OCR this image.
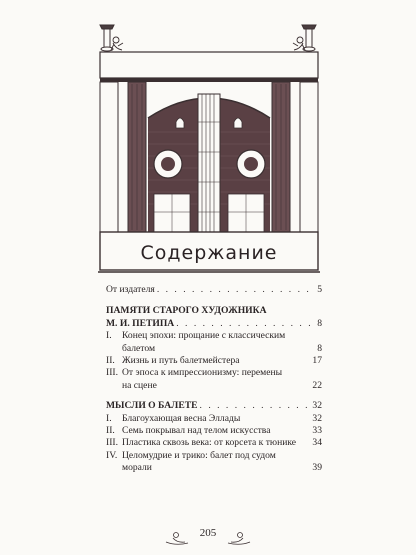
Содержание
От издателя . . .	5
ПАМЯТИ СТАРОГО ХУДОЖНИКА
М. И. ПЕТИПА . . .	8
I.	Конец эпохи: прощание с классическим
балетом	8
II. Жизнь и путь балетмейстера	17
III. От эпоса к импрессионизму: перемены
на сцене	22
МЫСЛИ О БАЛЕТЕ . . .	32
I.	Благоухающая весна Эллады	32
II. Семь покрывал над телом искусства	33
III. Пластика сквозь века: от корсета к тюнике 34
IV. Целомудрие и трико: балет под судом
морали	39
205
